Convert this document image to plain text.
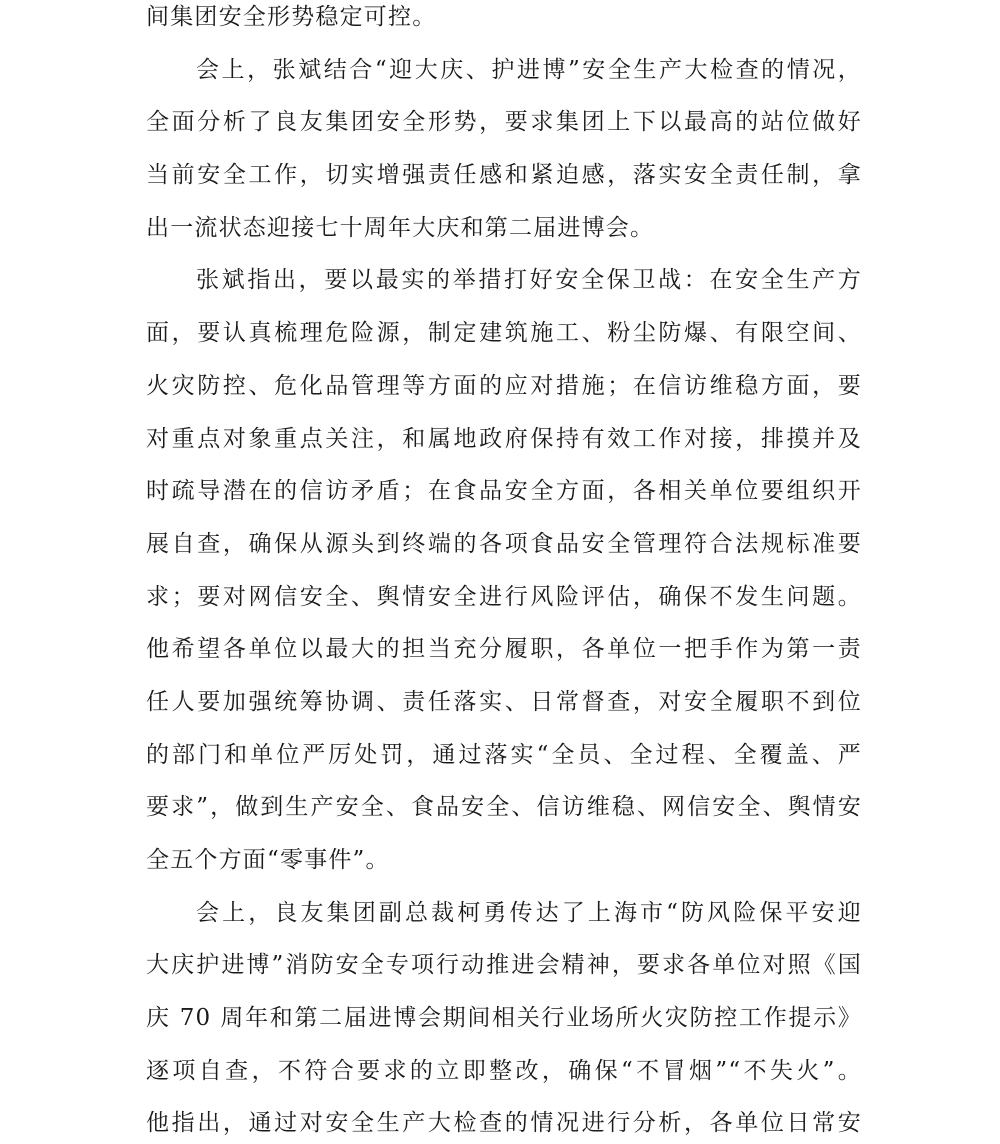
间集团安全形势稳定可控。
会上，张斌结合“迎大庆、护进博”安全生产大检查的情况，
全面分析了良友集团安全形势，要求集团上下以最高的站位做好
当前安全工作，切实增强责任感和紧迫感，落实安全责任制，拿
出一流状态迎接七十周年大庆和第二届进博会。
张斌指出，要以最实的举措打好安全保卫战：在安全生产方
面，要认真梳理危险源，制定建筑施工、粉尘防爆、有限空间、
火灾防控、危化品管理等方面的应对措施；在信访维稳方面，要
对重点对象重点关注，和属地政府保持有效工作对接，排摸并及
时疏导潜在的信访矛盾；在食品安全方面，各相关单位要组织开
展自查，确保从源头到终端的各项食品安全管理符合法规标准要
求；要对网信安全、舆情安全进行风险评估，确保不发生问题。
他希望各单位以最大的担当充分履职，各单位一把手作为第一责
任人要加强统筹协调、责任落实、日常督查，对安全履职不到位
的部门和单位严厉处罚，通过落实“全员、全过程、全覆盖、严
要求”，做到生产安全、食品安全、信访维稳、网信安全、舆情安
全五个方面“零事件”。
会上，良友集团副总裁柯勇传达了上海市“防风险保平安迎
大庆护进博”消防安全专项行动推进会精神，要求各单位对照《国
庆 70 周年和第二届进博会期间相关行业场所火灾防控工作提示》
逐项自查，不符合要求的立即整改，确保“不冒烟”“不失火”。
他指出，通过对安全生产大检查的情况进行分析，各单位日常安
